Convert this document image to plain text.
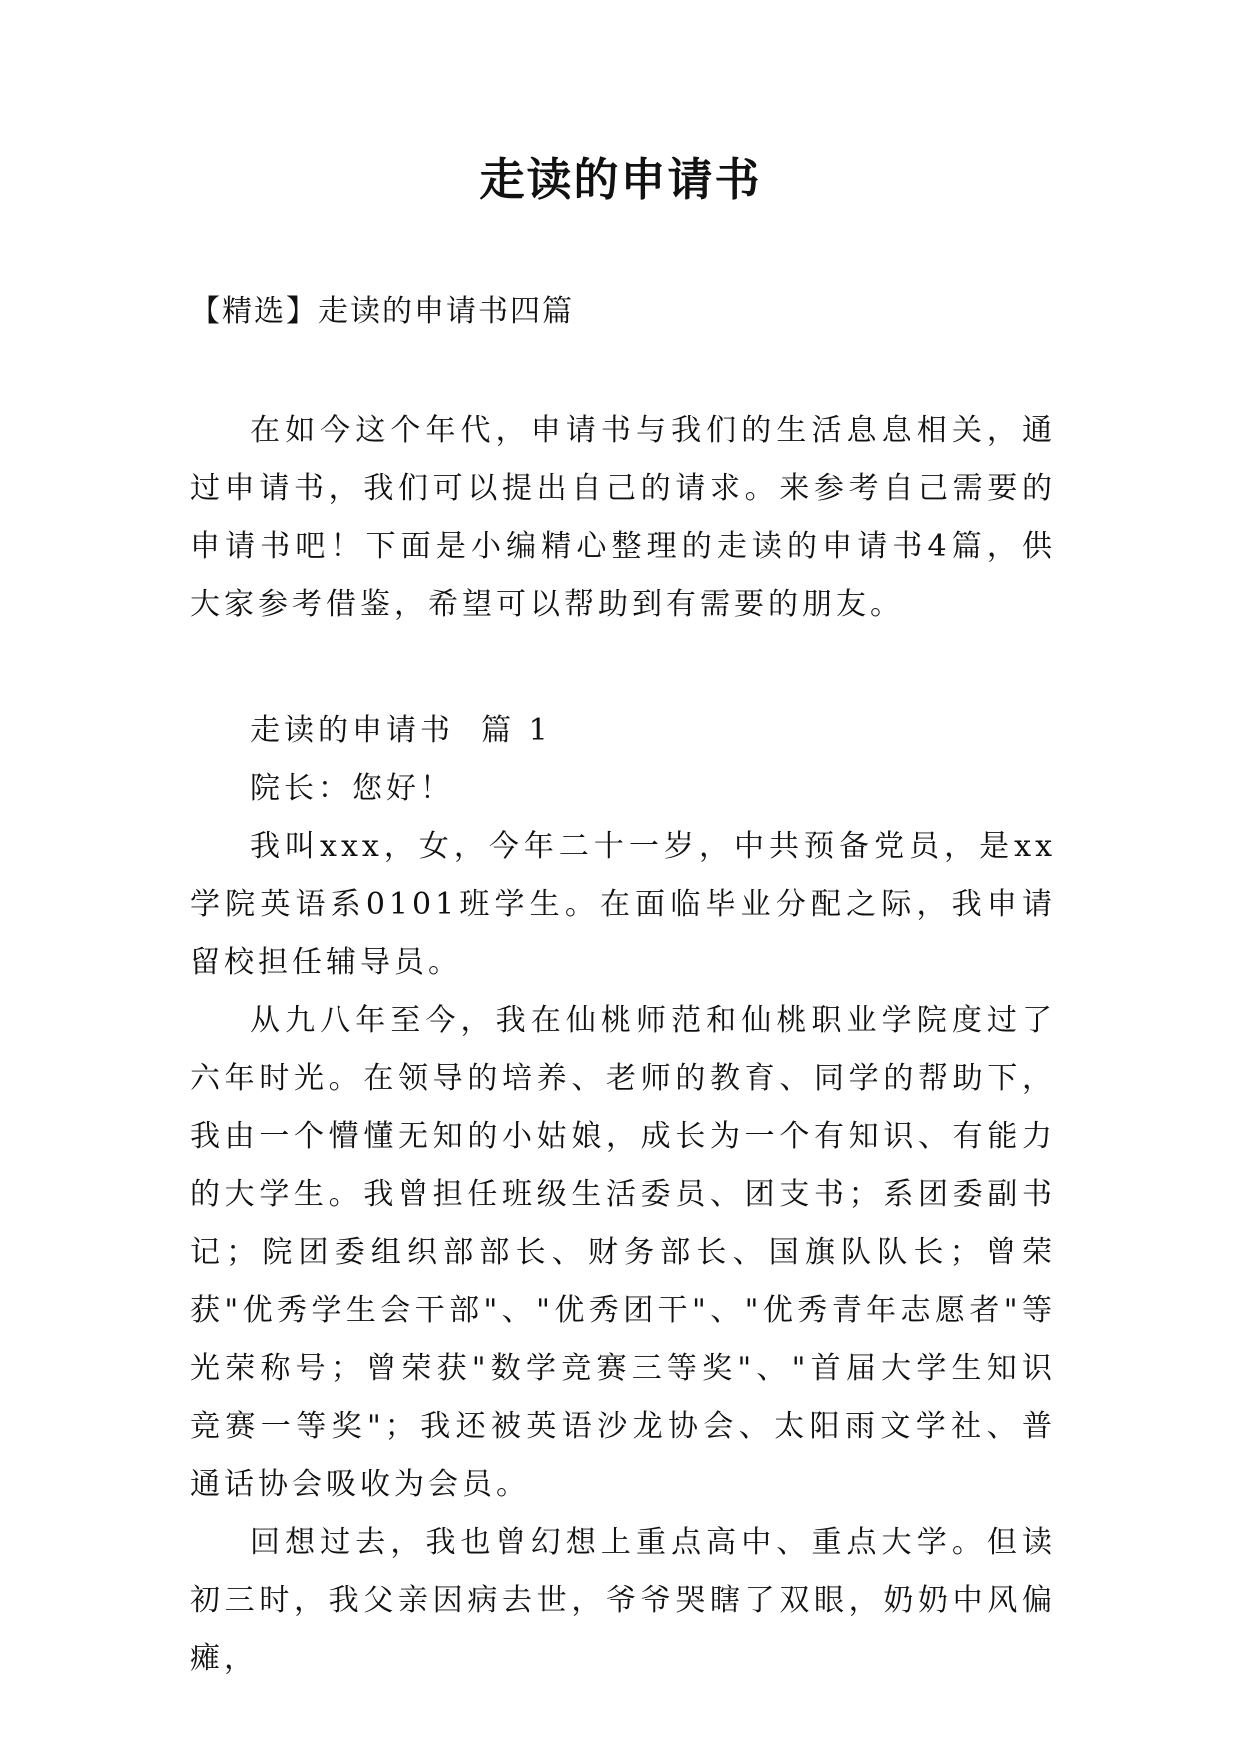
走读的申请书
【精选】走读的申请书四篇

在如今这个年代，申请书与我们的生活息息相关，通过申请书，我们可以提出自己的请求。来参考自己需要的申请书吧！下面是小编精心整理的走读的申请书4篇，供大家参考借鉴，希望可以帮助到有需要的朋友。

走读的申请书  篇 1

院长：您好！

我叫xxx，女，今年二十一岁，中共预备党员，是xx学院英语系0101班学生。在面临毕业分配之际，我申请留校担任辅导员。

从九八年至今，我在仙桃师范和仙桃职业学院度过了六年时光。在领导的培养、老师的教育、同学的帮助下，我由一个懵懂无知的小姑娘，成长为一个有知识、有能力的大学生。我曾担任班级生活委员、团支书；系团委副书记；院团委组织部部长、财务部长、国旗队队长；曾荣获"优秀学生会干部"、"优秀团干"、"优秀青年志愿者"等光荣称号；曾荣获"数学竞赛三等奖"、"首届大学生知识竞赛一等奖"；我还被英语沙龙协会、太阳雨文学社、普通话协会吸收为会员。

回想过去，我也曾幻想上重点高中、重点大学。但读初三时，我父亲因病去世，爷爷哭瞎了双眼，奶奶中风偏瘫，
